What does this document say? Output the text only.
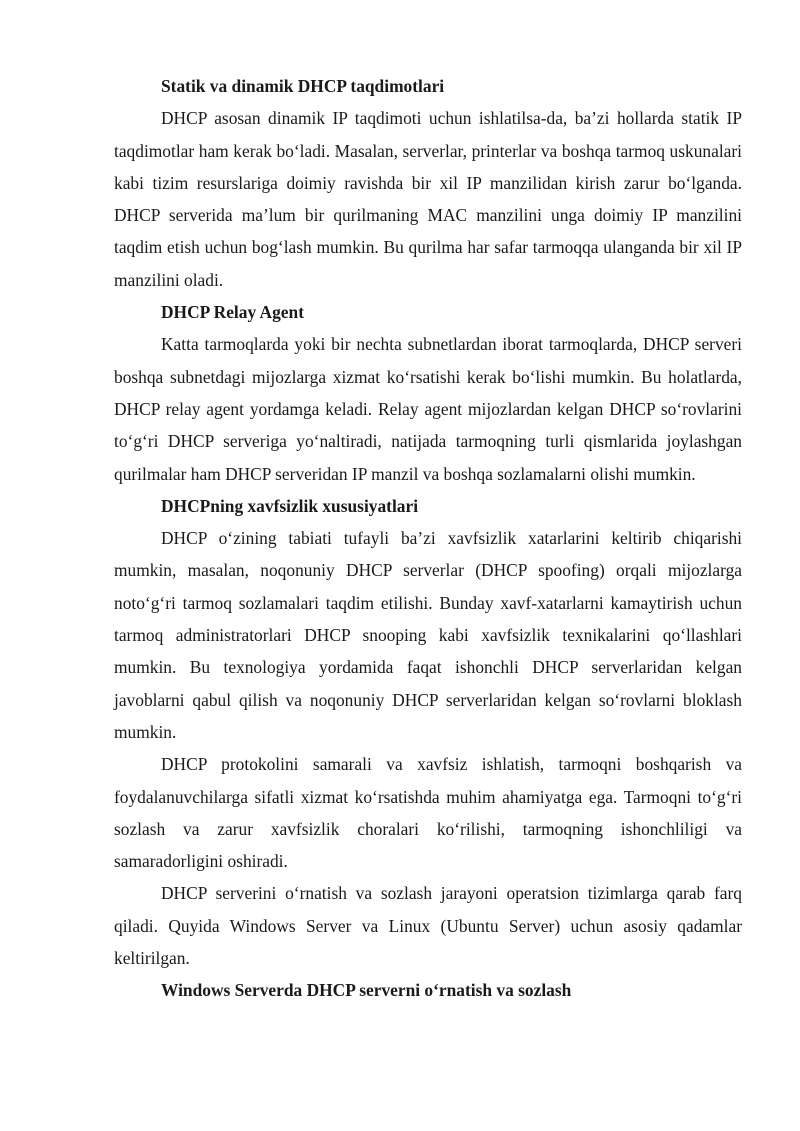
Statik va dinamik DHCP taqdimotlari

DHCP asosan dinamik IP taqdimoti uchun ishlatilsa-da, ba’zi hollarda statik IP taqdimotlar ham kerak bo‘ladi. Masalan, serverlar, printerlar va boshqa tarmoq uskunalari kabi tizim resurslariga doimiy ravishda bir xil IP manzilidan kirish zarur bo‘lganda. DHCP serverida ma’lum bir qurilmaning MAC manzilini unga doimiy IP manzilini taqdim etish uchun bog‘lash mumkin. Bu qurilma har safar tarmoqqa ulanganda bir xil IP manzilini oladi.

DHCP Relay Agent

Katta tarmoqlarda yoki bir nechta subnetlardan iborat tarmoqlarda, DHCP serveri boshqa subnetdagi mijozlarga xizmat ko‘rsatishi kerak bo‘lishi mumkin. Bu holatlarda, DHCP relay agent yordamga keladi. Relay agent mijozlardan kelgan DHCP so‘rovlarini to‘g‘ri DHCP serveriga yo‘naltiradi, natijada tarmoqning turli qismlarida joylashgan qurilmalar ham DHCP serveridan IP manzil va boshqa sozlamalarni olishi mumkin.

DHCPning xavfsizlik xususiyatlari

DHCP o‘zining tabiati tufayli ba’zi xavfsizlik xatarlarini keltirib chiqarishi mumkin, masalan, noqonuniy DHCP serverlar (DHCP spoofing) orqali mijozlarga noto‘g‘ri tarmoq sozlamalari taqdim etilishi. Bunday xavf-xatarlarni kamaytirish uchun tarmoq administratorlari DHCP snooping kabi xavfsizlik texnikalarini qo‘llashlari mumkin. Bu texnologiya yordamida faqat ishonchli DHCP serverlaridan kelgan javoblarni qabul qilish va noqonuniy DHCP serverlaridan kelgan so‘rovlarni bloklash mumkin.

DHCP protokolini samarali va xavfsiz ishlatish, tarmoqni boshqarish va foydalanuvchilarga sifatli xizmat ko‘rsatishda muhim ahamiyatga ega. Tarmoqni to‘g‘ri sozlash va zarur xavfsizlik choralari ko‘rilishi, tarmoqning ishonchliligi va samaradorligini oshiradi.

DHCP serverini o‘rnatish va sozlash jarayoni operatsion tizimlarga qarab farq qiladi. Quyida Windows Server va Linux (Ubuntu Server) uchun asosiy qadamlar keltirilgan.

Windows Serverda DHCP serverni o‘rnatish va sozlash
